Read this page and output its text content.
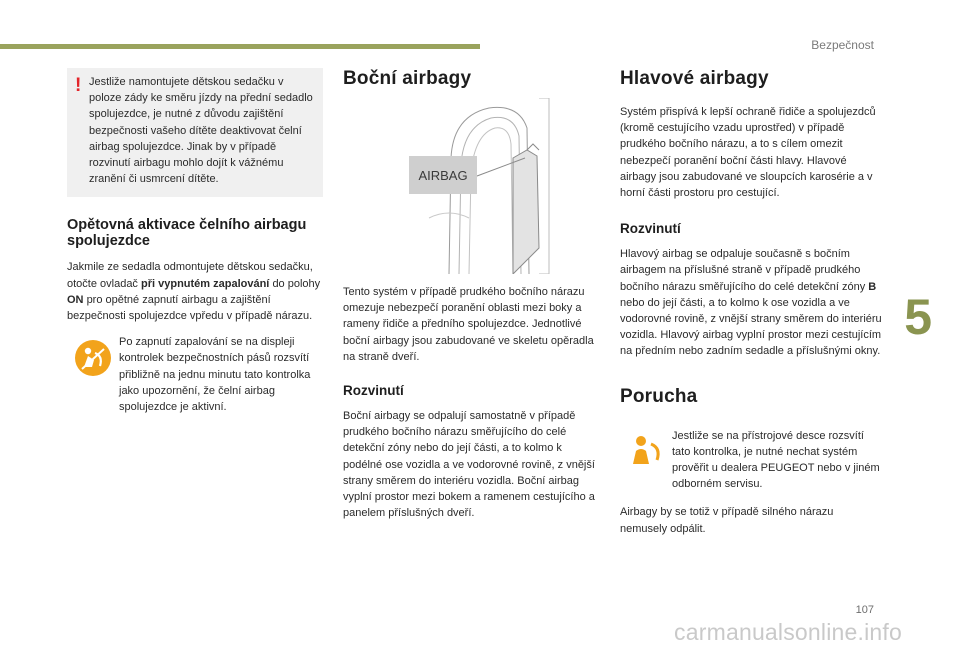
Bezpečnost
5
107
carmanualsonline.info
! Jestliže namontujete dětskou sedačku v poloze zády ke směru jízdy na přední sedadlo spolujezdce, je nutné z důvodu zajištění bezpečnosti vašeho dítěte deaktivovat čelní airbag spolujezdce. Jinak by v případě rozvinutí airbagu mohlo dojít k vážnému zranění či usmrcení dítěte.

Opětovná aktivace čelního airbagu spolujezdce

Jakmile ze sedadla odmontujete dětskou sedačku, otočte ovladač při vypnutém zapalování do polohy ON pro opětné zapnutí airbagu a zajištění bezpečnosti spolujezdce vpředu v případě nárazu.

Po zapnutí zapalování se na displeji kontrolek bezpečnostních pásů rozsvítí přibližně na jednu minutu tato kontrolka jako upozornění, že čelní airbag spolujezdce je aktivní.

Boční airbagy
AIRBAG

Tento systém v případě prudkého bočního nárazu omezuje nebezpečí poranění oblasti mezi boky a rameny řidiče a předního spolujezdce. Jednotlivé boční airbagy jsou zabudované ve skeletu opěradla na straně dveří.

Rozvinutí

Boční airbagy se odpalují samostatně v případě prudkého bočního nárazu směřujícího do celé detekční zóny nebo do její části, a to kolmo k podélné ose vozidla a ve vodorovné rovině, z vnější strany směrem do interiéru vozidla. Boční airbag vyplní prostor mezi bokem a ramenem cestujícího a panelem příslušných dveří.

Hlavové airbagy

Systém přispívá k lepší ochraně řidiče a spolujezdců (kromě cestujícího vzadu uprostřed) v případě prudkého bočního nárazu, a to s cílem omezit nebezpečí poranění boční části hlavy. Hlavové airbagy jsou zabudované ve sloupcích karosérie a v horní části prostoru pro cestující.

Rozvinutí

Hlavový airbag se odpaluje současně s bočním airbagem na příslušné straně v případě prudkého bočního nárazu směřujícího do celé detekční zóny B nebo do její části, a to kolmo k ose vozidla a ve vodorovné rovině, z vnější strany směrem do interiéru vozidla. Hlavový airbag vyplní prostor mezi cestujícím na předním nebo zadním sedadle a příslušnými okny.

Porucha

Jestliže se na přístrojové desce rozsvítí tato kontrolka, je nutné nechat systém prověřit u dealera PEUGEOT nebo v jiném odborném servisu.

Airbagy by se totiž v případě silného nárazu nemusely odpálit.
